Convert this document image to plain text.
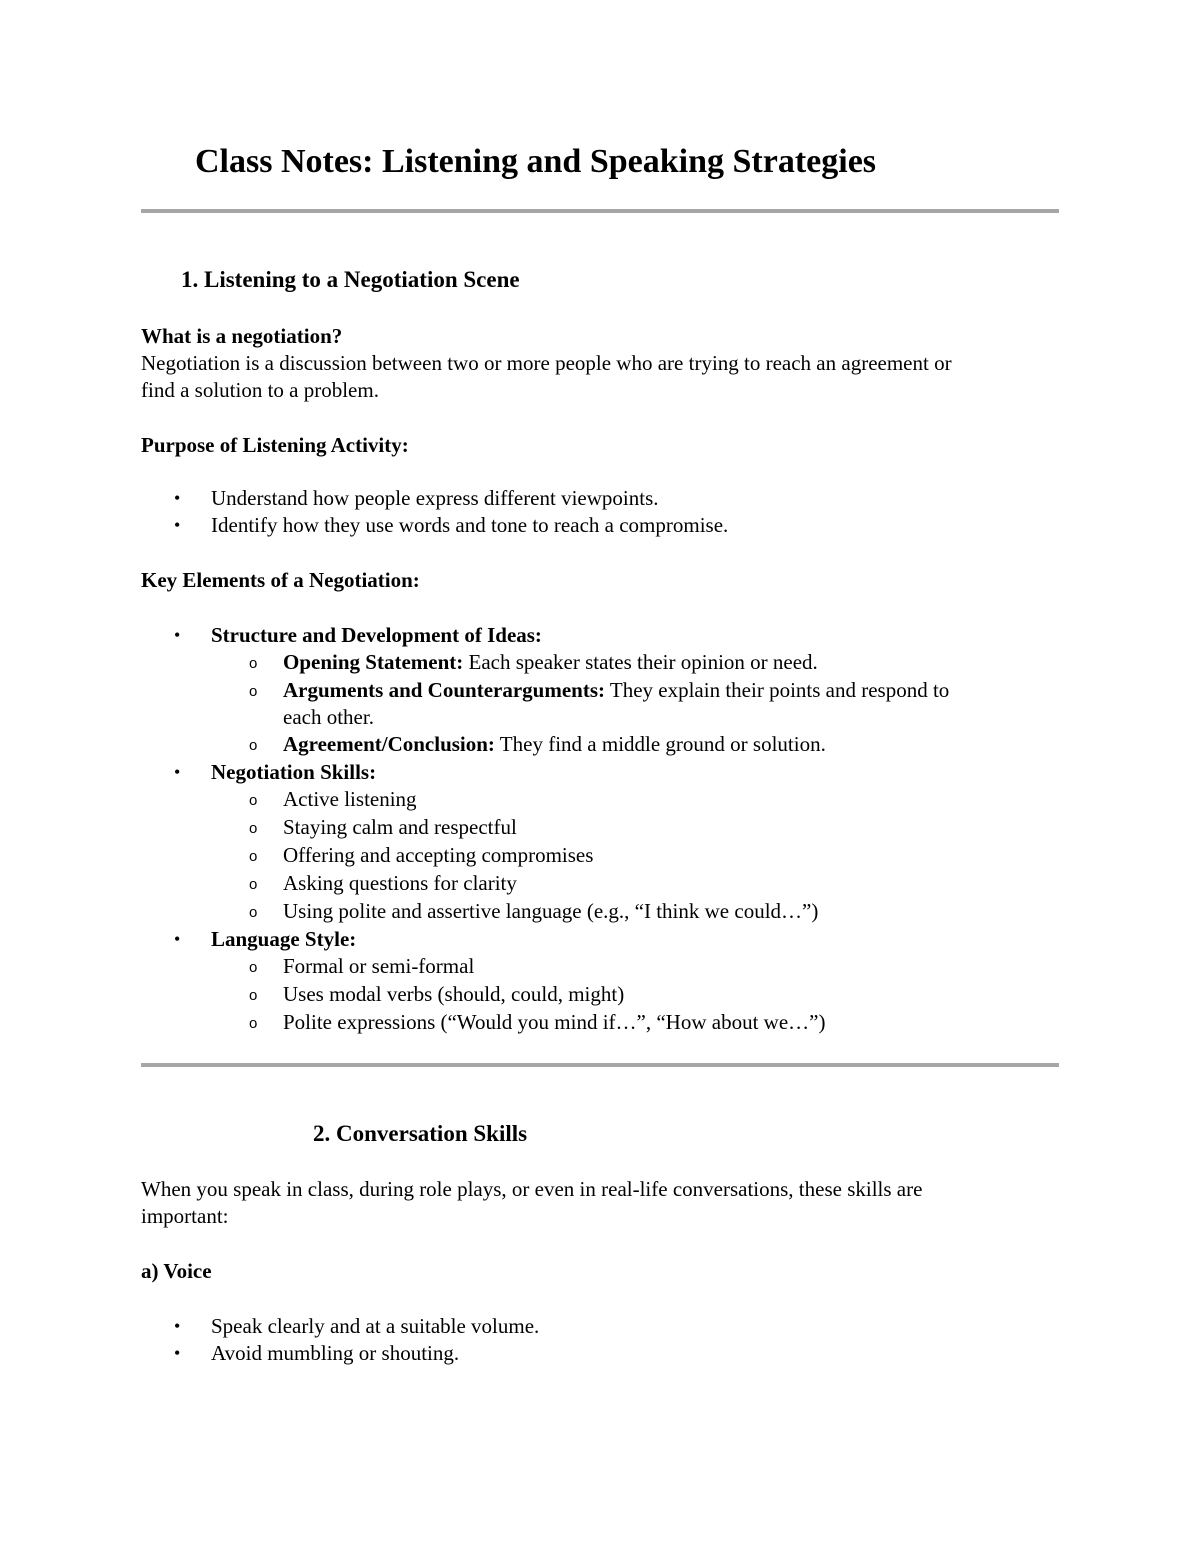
Class Notes: Listening and Speaking Strategies
1. Listening to a Negotiation Scene
What is a negotiation?
Negotiation is a discussion between two or more people who are trying to reach an agreement or
find a solution to a problem.
Purpose of Listening Activity:
• Understand how people express different viewpoints.
• Identify how they use words and tone to reach a compromise.
Key Elements of a Negotiation:
• Structure and Development of Ideas:
o Opening Statement: Each speaker states their opinion or need.
o Arguments and Counterarguments: They explain their points and respond to
each other.
o Agreement/Conclusion: They find a middle ground or solution.
• Negotiation Skills:
o Active listening
o Staying calm and respectful
o Offering and accepting compromises
o Asking questions for clarity
o Using polite and assertive language (e.g., “I think we could…”)
• Language Style:
o Formal or semi-formal
o Uses modal verbs (should, could, might)
o Polite expressions (“Would you mind if…”, “How about we…”)
2. Conversation Skills
When you speak in class, during role plays, or even in real-life conversations, these skills are
important:
a) Voice
• Speak clearly and at a suitable volume.
• Avoid mumbling or shouting.
